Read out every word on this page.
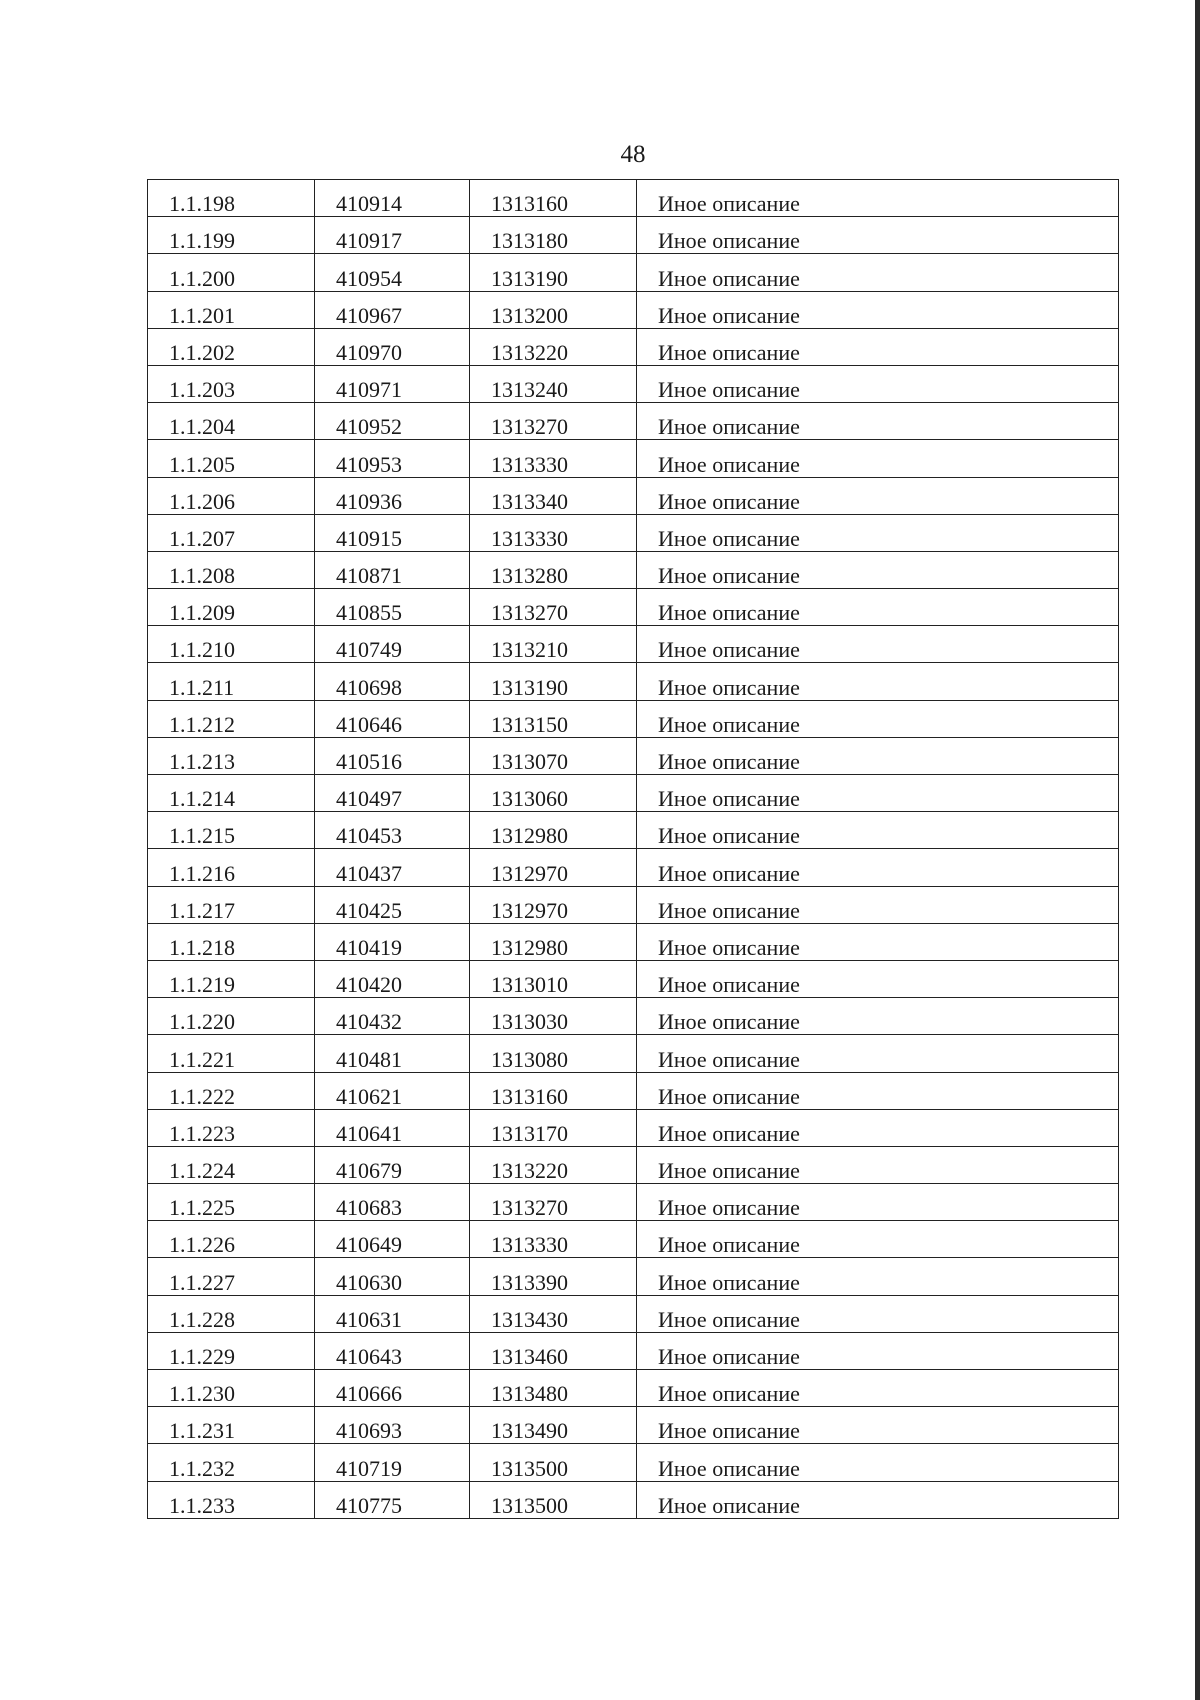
48
1.1.198	410914	1313160	Иное описание
1.1.199	410917	1313180	Иное описание
1.1.200	410954	1313190	Иное описание
1.1.201	410967	1313200	Иное описание
1.1.202	410970	1313220	Иное описание
1.1.203	410971	1313240	Иное описание
1.1.204	410952	1313270	Иное описание
1.1.205	410953	1313330	Иное описание
1.1.206	410936	1313340	Иное описание
1.1.207	410915	1313330	Иное описание
1.1.208	410871	1313280	Иное описание
1.1.209	410855	1313270	Иное описание
1.1.210	410749	1313210	Иное описание
1.1.211	410698	1313190	Иное описание
1.1.212	410646	1313150	Иное описание
1.1.213	410516	1313070	Иное описание
1.1.214	410497	1313060	Иное описание
1.1.215	410453	1312980	Иное описание
1.1.216	410437	1312970	Иное описание
1.1.217	410425	1312970	Иное описание
1.1.218	410419	1312980	Иное описание
1.1.219	410420	1313010	Иное описание
1.1.220	410432	1313030	Иное описание
1.1.221	410481	1313080	Иное описание
1.1.222	410621	1313160	Иное описание
1.1.223	410641	1313170	Иное описание
1.1.224	410679	1313220	Иное описание
1.1.225	410683	1313270	Иное описание
1.1.226	410649	1313330	Иное описание
1.1.227	410630	1313390	Иное описание
1.1.228	410631	1313430	Иное описание
1.1.229	410643	1313460	Иное описание
1.1.230	410666	1313480	Иное описание
1.1.231	410693	1313490	Иное описание
1.1.232	410719	1313500	Иное описание
1.1.233	410775	1313500	Иное описание
